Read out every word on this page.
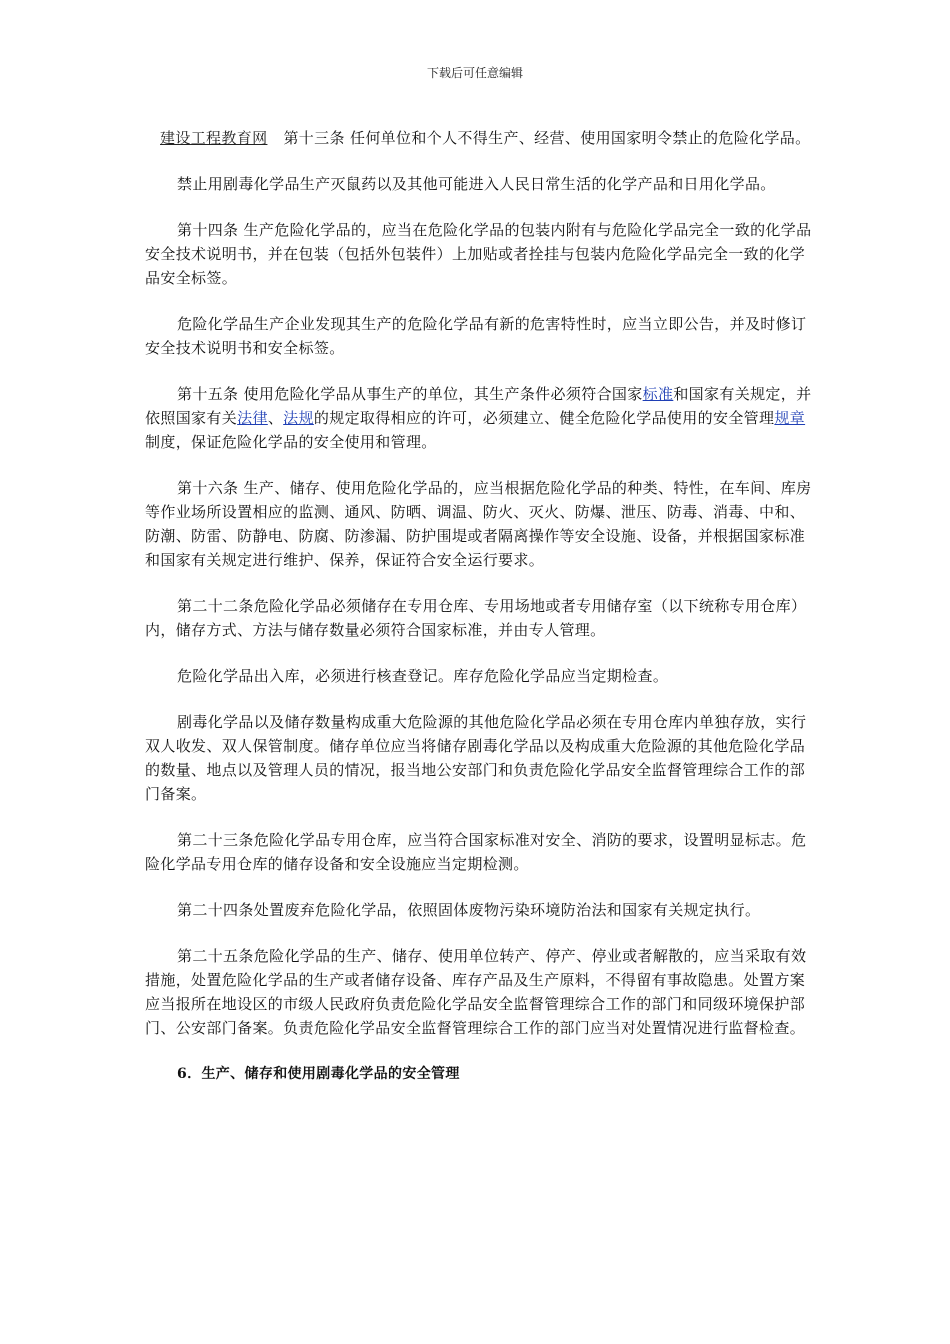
下载后可任意编辑

建设工程教育网 第十三条 任何单位和个人不得生产、经营、使用国家明令禁止的危险化学品。

禁止用剧毒化学品生产灭鼠药以及其他可能进入人民日常生活的化学产品和日用化学品。

第十四条 生产危险化学品的，应当在危险化学品的包装内附有与危险化学品完全一致的化学品安全技术说明书，并在包装（包括外包装件）上加贴或者拴挂与包装内危险化学品完全一致的化学品安全标签。

危险化学品生产企业发现其生产的危险化学品有新的危害特性时，应当立即公告，并及时修订安全技术说明书和安全标签。

第十五条 使用危险化学品从事生产的单位，其生产条件必须符合国家标准和国家有关规定，并依照国家有关法律、法规的规定取得相应的许可，必须建立、健全危险化学品使用的安全管理规章制度，保证危险化学品的安全使用和管理。

第十六条 生产、储存、使用危险化学品的，应当根据危险化学品的种类、特性，在车间、库房等作业场所设置相应的监测、通风、防晒、调温、防火、灭火、防爆、泄压、防毒、消毒、中和、防潮、防雷、防静电、防腐、防渗漏、防护围堤或者隔离操作等安全设施、设备，并根据国家标准和国家有关规定进行维护、保养，保证符合安全运行要求。

第二十二条危险化学品必须储存在专用仓库、专用场地或者专用储存室（以下统称专用仓库）内，储存方式、方法与储存数量必须符合国家标准，并由专人管理。

危险化学品出入库，必须进行核查登记。库存危险化学品应当定期检查。

剧毒化学品以及储存数量构成重大危险源的其他危险化学品必须在专用仓库内单独存放，实行双人收发、双人保管制度。储存单位应当将储存剧毒化学品以及构成重大危险源的其他危险化学品的数量、地点以及管理人员的情况，报当地公安部门和负责危险化学品安全监督管理综合工作的部门备案。

第二十三条危险化学品专用仓库，应当符合国家标准对安全、消防的要求，设置明显标志。危险化学品专用仓库的储存设备和安全设施应当定期检测。

第二十四条处置废弃危险化学品，依照固体废物污染环境防治法和国家有关规定执行。

第二十五条危险化学品的生产、储存、使用单位转产、停产、停业或者解散的，应当采取有效措施，处置危险化学品的生产或者储存设备、库存产品及生产原料，不得留有事故隐患。处置方案应当报所在地设区的市级人民政府负责危险化学品安全监督管理综合工作的部门和同级环境保护部门、公安部门备案。负责危险化学品安全监督管理综合工作的部门应当对处置情况进行监督检查。

6．生产、储存和使用剧毒化学品的安全管理
